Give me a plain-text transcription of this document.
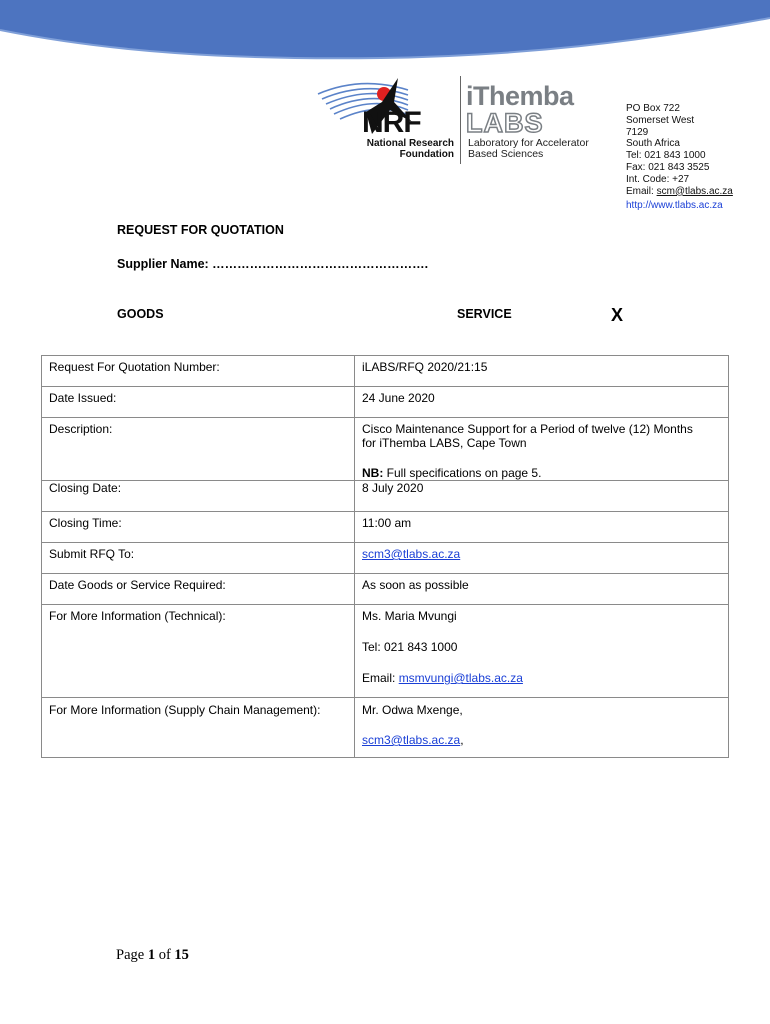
NRF
National Research Foundation
iThemba
LABS
Laboratory for Accelerator
Based Sciences
PO Box 722
Somerset West
7129
South Africa
Tel: 021 843 1000
Fax: 021 843 3525
Int. Code: +27
Email: scm@tlabs.ac.za
http://www.tlabs.ac.za
REQUEST FOR QUOTATION
Supplier Name: …………………………………………….
GOODS	SERVICE	X
Request For Quotation Number:	iLABS/RFQ 2020/21:15
Date Issued:	24 June 2020
Description:	Cisco Maintenance Support for a Period of twelve (12) Months for iThemba LABS, Cape Town

NB: Full specifications on page 5.

Closing Date:	8 July 2020
Closing Time:	11:00 am
Submit RFQ To:	scm3@tlabs.ac.za
Date Goods or Service Required:	As soon as possible
For More Information (Technical):	Ms. Maria Mvungi

Tel: 021 843 1000

Email: msmvungi@tlabs.ac.za

For More Information (Supply Chain Management):	Mr. Odwa Mxenge,

scm3@tlabs.ac.za,

Page 1 of 15
